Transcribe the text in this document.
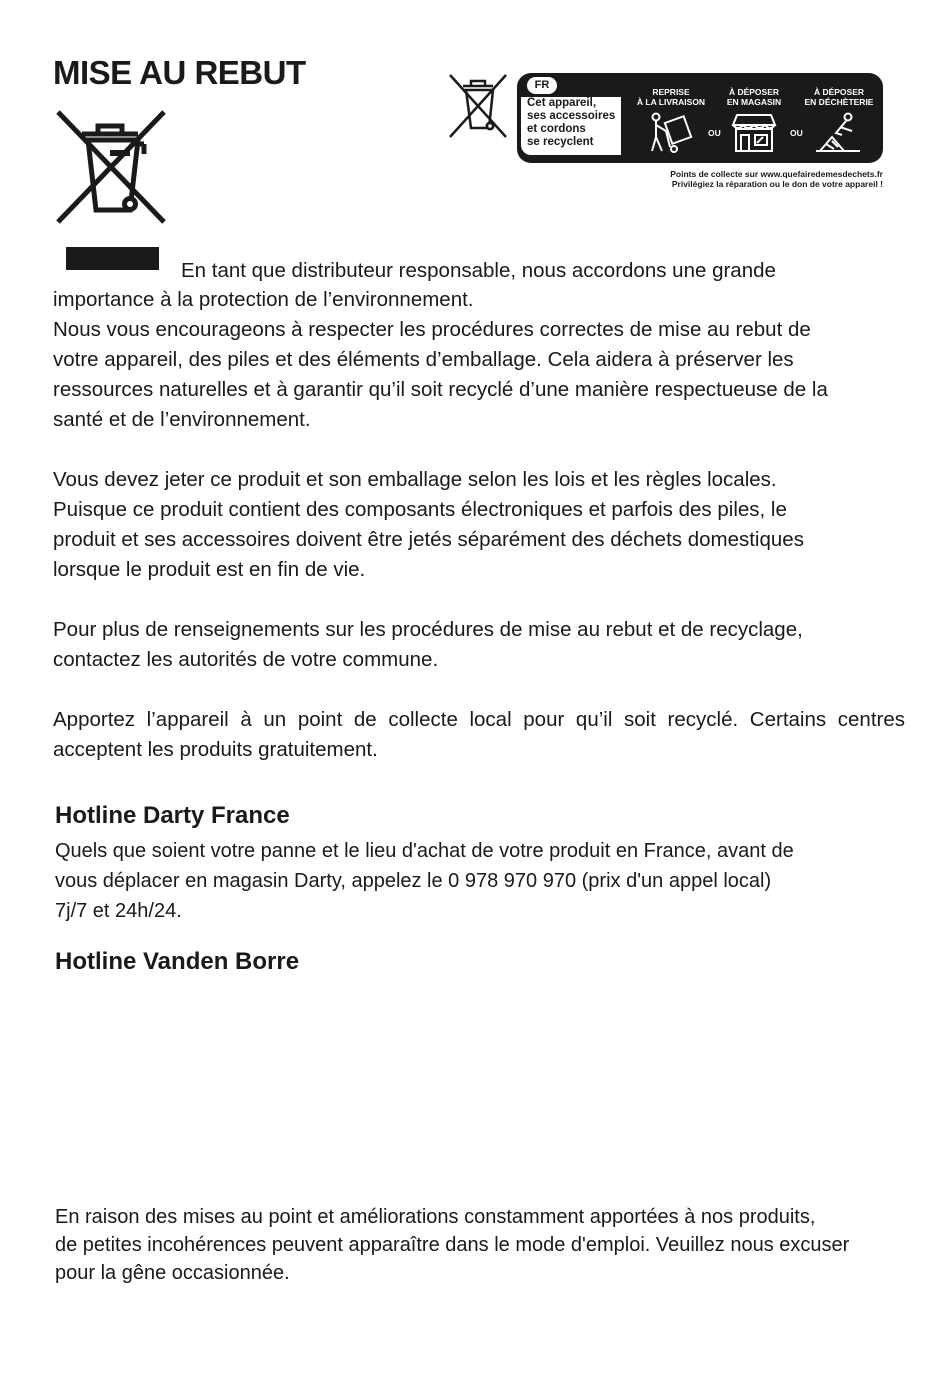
MISE AU REBUT	FR
Cet appareil,
ses accessoires
et cordons
se recyclent
REPRISE
À LA LIVRAISON
OU
À DÉPOSER
EN MAGASIN
OU
À DÉPOSER
EN DÉCHÈTERIE
Points de collecte sur www.quefairedemesdechets.fr
Privilégiez la réparation ou le don de votre appareil !
En tant que distributeur responsable, nous accordons une grande
importance à la protection de l’environnement.
Nous vous encourageons à respecter les procédures correctes de mise au rebut de
votre appareil, des piles et des éléments d’emballage. Cela aidera à préserver les
ressources naturelles et à garantir qu’il soit recyclé d’une manière respectueuse de la
santé et de l’environnement.
Vous devez jeter ce produit et son emballage selon les lois et les règles locales.
Puisque ce produit contient des composants électroniques et parfois des piles, le
produit et ses accessoires doivent être jetés séparément des déchets domestiques
lorsque le produit est en fin de vie.
Pour plus de renseignements sur les procédures de mise au rebut et de recyclage,
contactez les autorités de votre commune.
Apportez l’appareil à un point de collecte local pour qu’il soit recyclé. Certains centres acceptent les produits gratuitement.
Hotline Darty France
Quels que soient votre panne et le lieu d'achat de votre produit en France, avant de
vous déplacer en magasin Darty, appelez le 0 978 970 970 (prix d'un appel local)
7j/7 et 24h/24.
Hotline Vanden Borre
En raison des mises au point et améliorations constamment apportées à nos produits,
de petites incohérences peuvent apparaître dans le mode d'emploi. Veuillez nous excuser
pour la gêne occasionnée.
